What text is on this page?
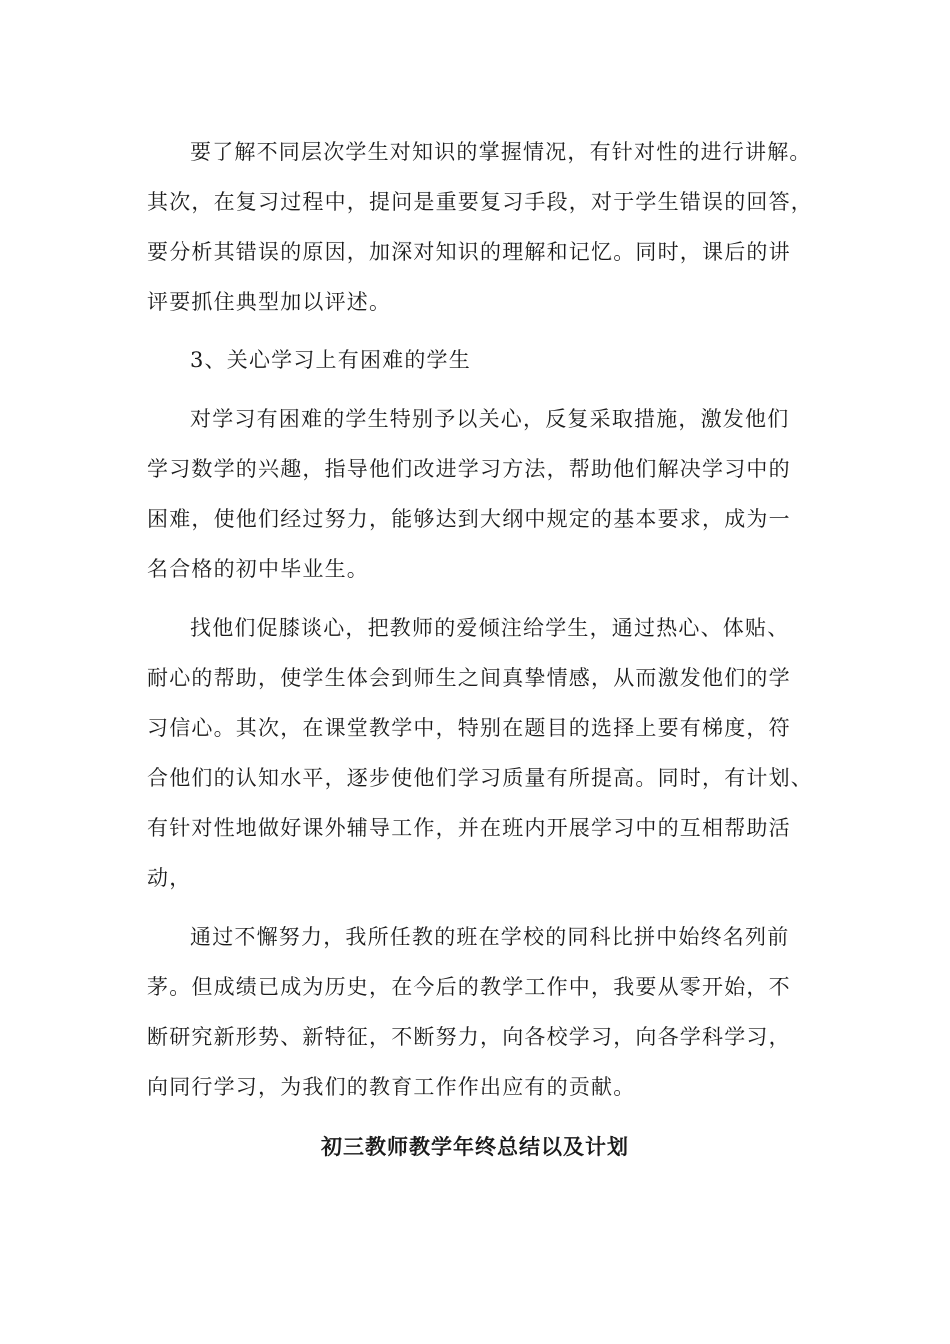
要了解不同层次学生对知识的掌握情况，有针对性的进行讲解。
其次，在复习过程中，提问是重要复习手段，对于学生错误的回答，
要分析其错误的原因，加深对知识的理解和记忆。同时，课后的讲
评要抓住典型加以评述。
3、关心学习上有困难的学生
对学习有困难的学生特别予以关心，反复采取措施，激发他们
学习数学的兴趣，指导他们改进学习方法，帮助他们解决学习中的
困难，使他们经过努力，能够达到大纲中规定的基本要求，成为一
名合格的初中毕业生。
找他们促膝谈心，把教师的爱倾注给学生，通过热心、体贴、
耐心的帮助，使学生体会到师生之间真挚情感，从而激发他们的学
习信心。其次，在课堂教学中，特别在题目的选择上要有梯度，符
合他们的认知水平，逐步使他们学习质量有所提高。同时，有计划、
有针对性地做好课外辅导工作，并在班内开展学习中的互相帮助活
动，
通过不懈努力，我所任教的班在学校的同科比拼中始终名列前
茅。但成绩已成为历史，在今后的教学工作中，我要从零开始，不
断研究新形势、新特征，不断努力，向各校学习，向各学科学习，
向同行学习，为我们的教育工作作出应有的贡献。
初三教师教学年终总结以及计划
